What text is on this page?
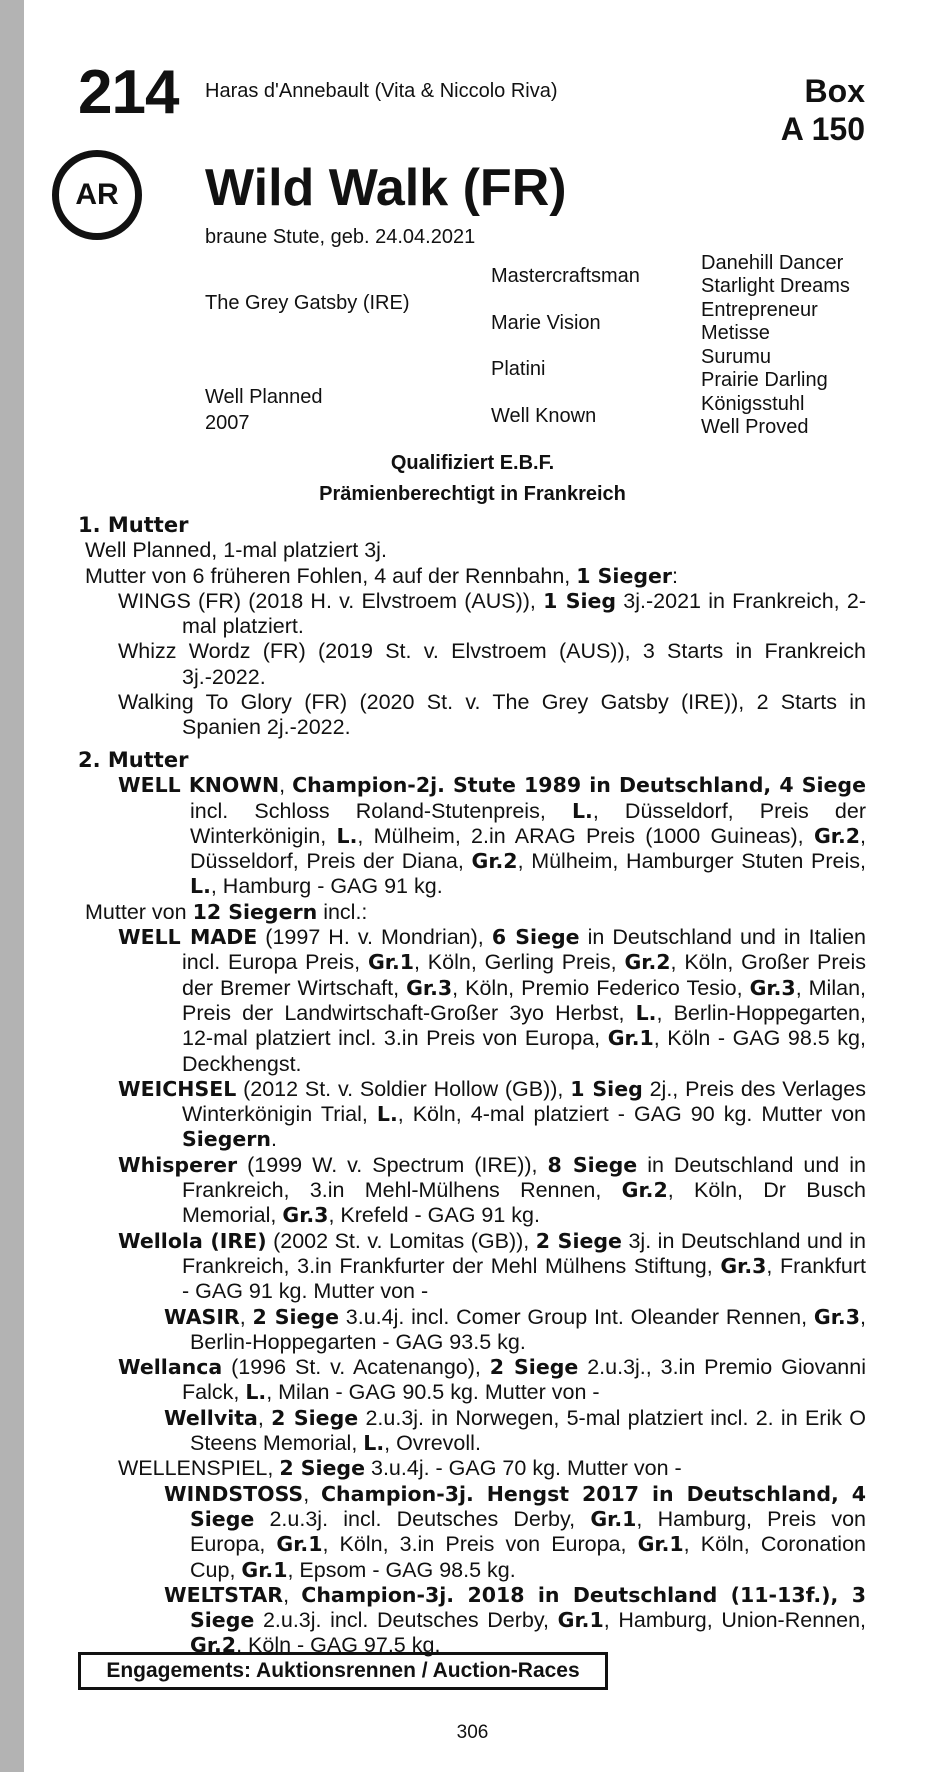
214 Haras d'Annebault (Vita & Niccolo Riva)	Box
A 150
AR	Wild Walk (FR)
braune Stute, geb. 24.04.2021
The Grey Gatsby (IRE)
Well Planned
2007
Mastercraftsman
Marie Vision
Platini
Well Known
Danehill Dancer
Starlight Dreams
Entrepreneur
Metisse
Surumu
Prairie Darling
Königsstuhl
Well Proved
Qualifiziert E.B.F.
Prämienberechtigt in Frankreich
1. Mutter

Well Planned, 1-mal platziert 3j.

Mutter von 6 früheren Fohlen, 4 auf der Rennbahn, 1 Sieger:

WINGS (FR) (2018 H. v. Elvstroem (AUS)), 1 Sieg 3j.-2021 in Frankreich, 2-mal platziert.

Whizz Wordz (FR) (2019 St. v. Elvstroem (AUS)), 3 Starts in Frankreich 3j.-2022.

Walking To Glory (FR) (2020 St. v. The Grey Gatsby (IRE)), 2 Starts in Spanien 2j.-2022.

2. Mutter

WELL KNOWN, Champion-2j. Stute 1989 in Deutschland, 4 Siege incl. Schloss Roland-Stutenpreis, L., Düsseldorf, Preis der Winterkönigin, L., Mülheim, 2.in ARAG Preis (1000 Guineas), Gr.2, Düsseldorf, Preis der Diana, Gr.2, Mülheim, Hamburger Stuten Preis, L., Hamburg - GAG 91 kg.

Mutter von 12 Siegern incl.:

WELL MADE (1997 H. v. Mondrian), 6 Siege in Deutschland und in Italien incl. Europa Preis, Gr.1, Köln, Gerling Preis, Gr.2, Köln, Großer Preis der Bremer Wirtschaft, Gr.3, Köln, Premio Federico Tesio, Gr.3, Milan, Preis der Landwirtschaft-Großer 3yo Herbst, L., Berlin-Hoppegarten, 12-mal platziert incl. 3.in Preis von Europa, Gr.1, Köln - GAG 98.5 kg, Deckhengst.

WEICHSEL (2012 St. v. Soldier Hollow (GB)), 1 Sieg 2j., Preis des Verlages Winterkönigin Trial, L., Köln, 4-mal platziert - GAG 90 kg. Mutter von Siegern.

Whisperer (1999 W. v. Spectrum (IRE)), 8 Siege in Deutschland und in Frankreich, 3.in Mehl-Mülhens Rennen, Gr.2, Köln, Dr Busch Memorial, Gr.3, Krefeld - GAG 91 kg.

Wellola (IRE) (2002 St. v. Lomitas (GB)), 2 Siege 3j. in Deutschland und in Frankreich, 3.in Frankfurter der Mehl Mülhens Stiftung, Gr.3, Frankfurt - GAG 91 kg. Mutter von -

WASIR, 2 Siege 3.u.4j. incl. Comer Group Int. Oleander Rennen, Gr.3, Berlin-Hoppegarten - GAG 93.5 kg.

Wellanca (1996 St. v. Acatenango), 2 Siege 2.u.3j., 3.in Premio Giovanni Falck, L., Milan - GAG 90.5 kg. Mutter von -

Wellvita, 2 Siege 2.u.3j. in Norwegen, 5-mal platziert incl. 2. in Erik O Steens Memorial, L., Ovrevoll.

WELLENSPIEL, 2 Siege 3.u.4j. - GAG 70 kg. Mutter von -

WINDSTOSS, Champion-3j. Hengst 2017 in Deutschland, 4 Siege 2.u.3j. incl. Deutsches Derby, Gr.1, Hamburg, Preis von Europa, Gr.1, Köln, 3.in Preis von Europa, Gr.1, Köln, Coronation Cup, Gr.1, Epsom - GAG 98.5 kg.

WELTSTAR, Champion-3j. 2018 in Deutschland (11-13f.), 3 Siege 2.u.3j. incl. Deutsches Derby, Gr.1, Hamburg, Union-Rennen, Gr.2, Köln - GAG 97.5 kg.

Engagements: Auktionsrennen / Auction-Races
306
